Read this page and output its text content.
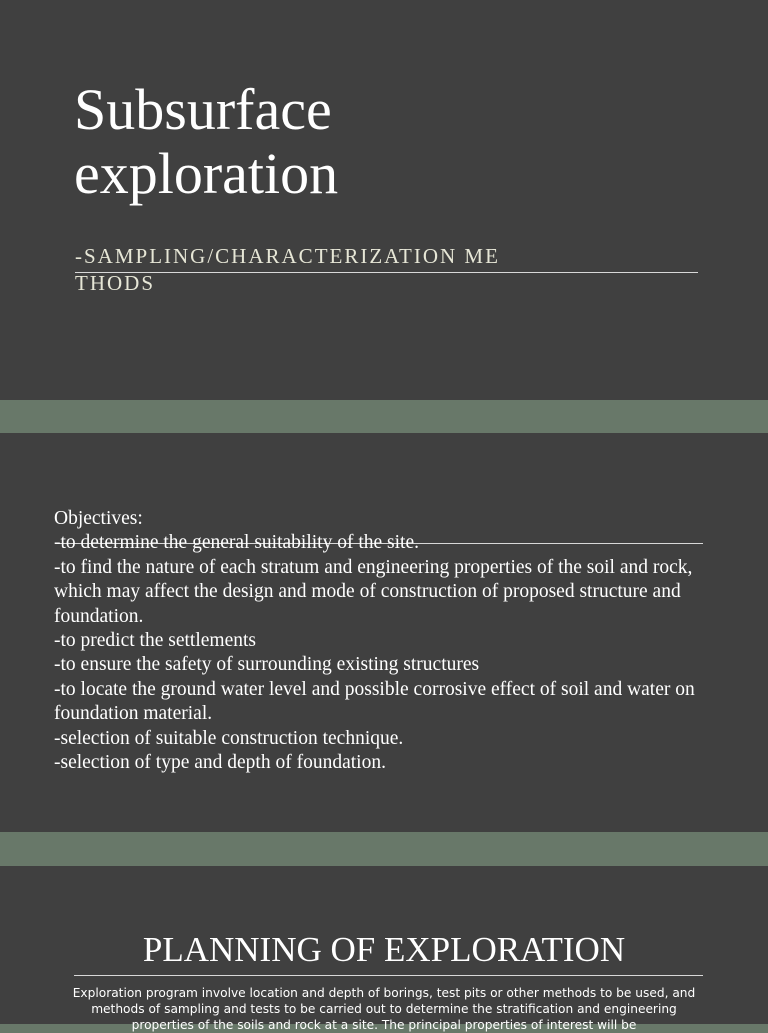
Subsurface
exploration
-SAMPLING/CHARACTERIZATION METHODS
Objectives:
-to determine the general suitability of the site.
-to find the nature of each stratum and engineering properties of the soil and rock, which may affect the design and mode of construction of proposed structure and foundation.
-to predict the settlements
-to ensure the safety of surrounding existing structures
-to locate the ground water level and possible corrosive effect of soil and water on foundation material.
-selection of suitable construction technique.
-selection of type and depth of foundation.
PLANNING OF EXPLORATION
Exploration program involve location and depth of borings, test pits or other methods to be used, and methods of sampling and tests to be carried out to determine the stratification and engineering properties of the soils and rock at a site. The principal properties of interest will be
